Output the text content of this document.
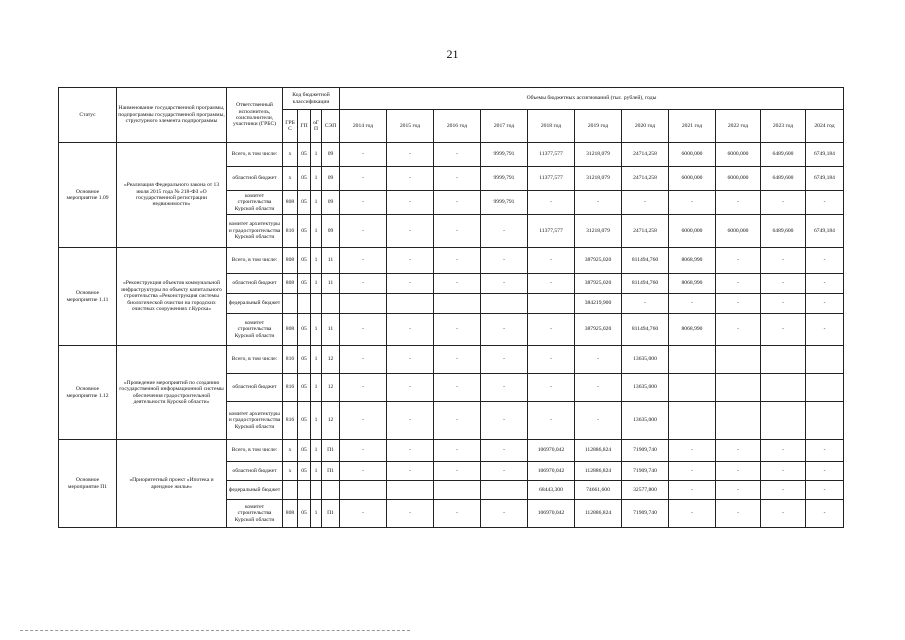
21
Статус	Наименование государственной программы, подпрограммы государственной программы, структурного элемента подпрограммы	Ответственный исполнитель, соисполнители, участники (ГРБС)	Код бюджетной классификации				Объемы бюджетных ассигнований (тыс. рублей), годы										
			ГРБС	ГП	оГ П	СЭП	2014 год	2015 год	2016 год	2017 год	2018 год	2019 год	2020 год	2021 год	2022 год	2023 год	2024 год
Основное мероприятие 1.09	«Реализация Федерального закона от 13 июля 2015 года № 218-ФЗ «О государственной регистрации недвижимости»	Всего, в том числе:	x	05	1	09	-	-	-	9999,791	11377,577	31218,079	24714,258	6000,000	6000,000	6489,600	6749,184
		областной бюджет	x	05	1	09	-	-	-	9999,791	11377,577	31218,079	24714,258	6000,000	6000,000	6489,600	6749,184
		комитет строительства Курской области	808	05	1	09	-	-	-	9999,791	-	-	-	-	-	-	-
		комитет архитектуры и градостроительства Курской области	816	05	1	09	-	-	-	-	11377,577	31218,079	24714,258	6000,000	6000,000	6489,600	6749,184
Основное мероприятие 1.11	«Реконструкция объектов коммунальной инфраструктуры по объекту капитального строительства «Реконструкция системы биологической очистки на городских очистных сооружениях г.Курска»	Всего, в том числе:	808	05	1	11	-	-	-	-	-	387925,020	811494,760	8068,990	-	-	-
		областной бюджет	808	05	1	11	-	-	-	-	-	387925,020	811494,760	8068,990	-	-	-
		федеральный бюджет										384219,900	-	-	-	-	-
		комитет строительства Курской области	808	05	1	11	-	-	-	-	-	387925,020	811494,760	8068,990	-	-	-
Основное мероприятие 1.12	«Проведение мероприятий по созданию государственной информационной системы обеспечения градостроительной деятельности Курской области»	Всего, в том числе:	816	05	1	12	-	-	-	-	-	-	13635,000				
		областной бюджет	816	05	1	12	-	-	-	-	-	-	13635,000				
		комитет архитектуры и градостроительства Курской области	816	05	1	12	-	-	-	-	-	-	13635,000				
Основное мероприятие П1	«Приоритетный проект «Ипотека и арендное жилье»	Всего, в том числе:	x	05	1	П1	-	-	-	-	106970,042	112886,824	71909,740	-	-	-	-
		областной бюджет	x	05	1	П1	-	-	-	-	106970,042	112886,824	71909,740	-	-	-	-
		федеральный бюджет									68443,300	74661,600	32577,800	-	-	-	-
		комитет строительства Курской области	808	05	1	П1	-	-	-	-	106970,042	112886,824	71909,740	-	-	-	-
